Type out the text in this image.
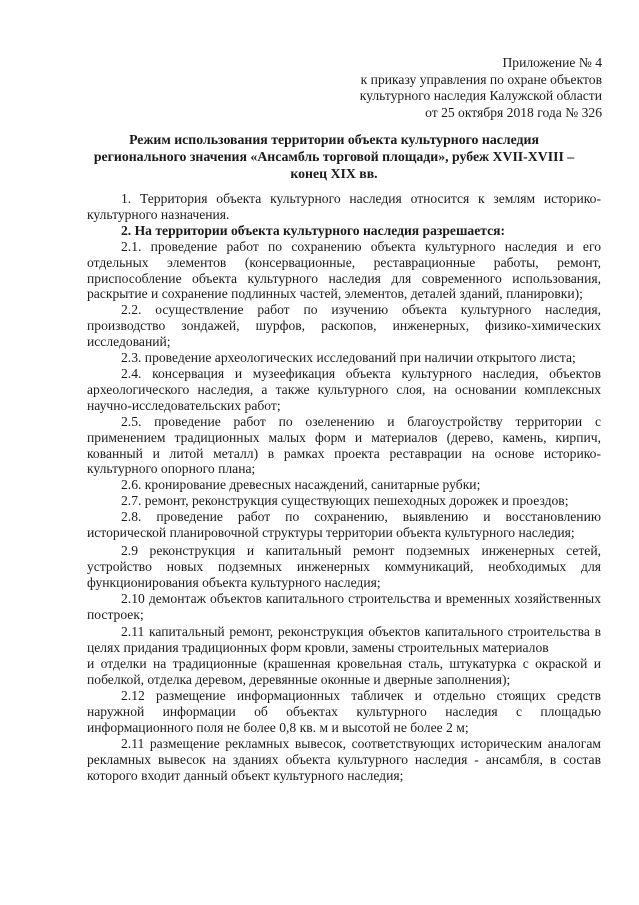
Приложение № 4
к приказу управления по охране объектов
культурного наследия Калужской области
от 25 октября 2018 года № 326
Режим использования территории объекта культурного наследия регионального значения «Ансамбль торговой площади», рубеж XVII-XVIII – конец XIX вв.

1. Территория объекта культурного наследия относится к землям историко-культурного назначения.

2. На территории объекта культурного наследия разрешается:

2.1. проведение работ по сохранению объекта культурного наследия и его отдельных элементов (консервационные, реставрационные работы, ремонт, приспособление объекта культурного наследия для современного использования, раскрытие и сохранение подлинных частей, элементов, деталей зданий, планировки);

2.2. осуществление работ по изучению объекта культурного наследия, производство зондажей, шурфов, раскопов, инженерных, физико-химических исследований;

2.3. проведение археологических исследований при наличии открытого листа;

2.4. консервация и музеефикация объекта культурного наследия, объектов археологического наследия, а также культурного слоя, на основании комплексных научно-исследовательских работ;

2.5. проведение работ по озеленению и благоустройству территории с применением традиционных малых форм и материалов (дерево, камень, кирпич, кованный и литой металл) в рамках проекта реставрации на основе историко-культурного опорного плана;

2.6. кронирование древесных насаждений, санитарные рубки;

2.7. ремонт, реконструкция существующих пешеходных дорожек и проездов;

2.8. проведение работ по сохранению, выявлению и восстановлению исторической планировочной структуры территории объекта культурного наследия;

2.9 реконструкция и капитальный ремонт подземных инженерных сетей, устройство новых подземных инженерных коммуникаций, необходимых для функционирования объекта культурного наследия;

2.10 демонтаж объектов капитального строительства и временных хозяйственных построек;

2.11 капитальный ремонт, реконструкция объектов капитального строительства в целях придания традиционных форм кровли, замены строительных материалов

и отделки на традиционные (крашенная кровельная сталь, штукатурка с окраской и побелкой, отделка деревом, деревянные оконные и дверные заполнения);

2.12 размещение информационных табличек и отдельно стоящих средств наружной информации об объектах культурного наследия с площадью информационного поля не более 0,8 кв. м и высотой не более 2 м;

2.11 размещение рекламных вывесок, соответствующих историческим аналогам рекламных вывесок на зданиях объекта культурного наследия - ансамбля, в состав которого входит данный объект культурного наследия;
